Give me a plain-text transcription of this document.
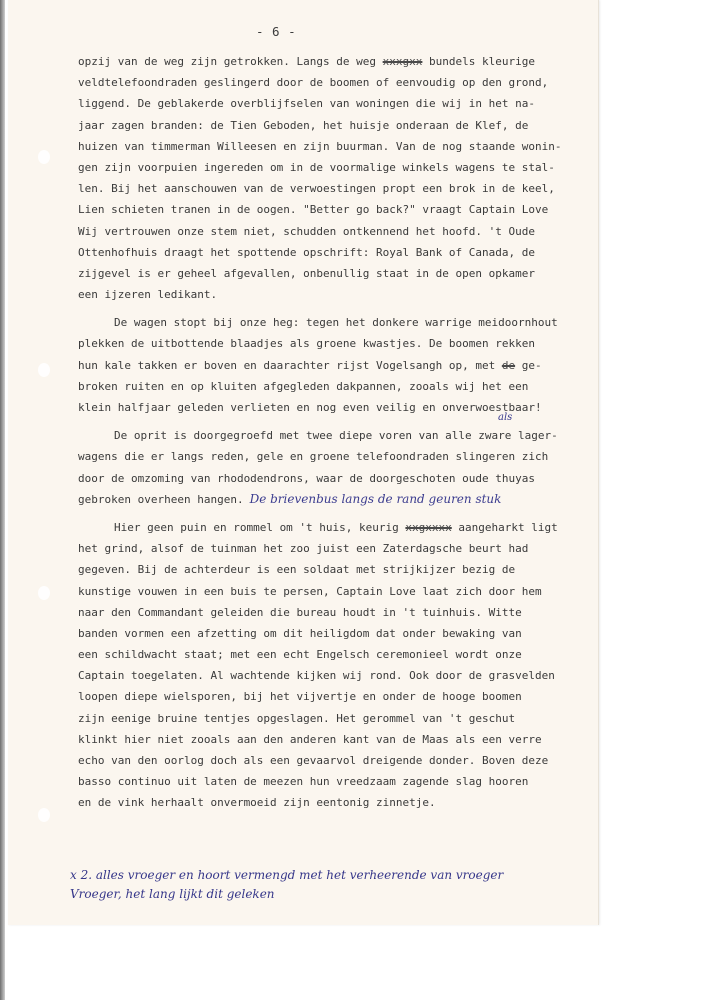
- 6 -
opzij van de weg zijn getrokken. Langs de weg xxxgxx bundels kleurige
veldtelefoondraden geslingerd door de boomen of eenvoudig op den grond,
liggend. De geblakerde overblijfselen van woningen die wij in het na-
jaar zagen branden: de Tien Geboden, het huisje onderaan de Klef, de
huizen van timmerman Willeesen en zijn buurman. Van de nog staande wonin-
gen zijn voorpuien ingereden om in de voormalige winkels wagens te stal-
len. Bij het aanschouwen van de verwoestingen propt een brok in de keel,
Lien schieten tranen in de oogen. "Better go back?" vraagt Captain Love
Wij vertrouwen onze stem niet, schudden ontkennend het hoofd. 't Oude
Ottenhofhuis draagt het spottende opschrift: Royal Bank of Canada, de
zijgevel is er geheel afgevallen, onbenullig staat in de open opkamer
een ijzeren ledikant.
De wagen stopt bij onze heg: tegen het donkere warrige meidoornhout
plekken de uitbottende blaadjes als groene kwastjes. De boomen rekken
hun kale takken er boven en daarachter rijst Vogelsangh op, met de ge-
broken ruiten en op kluiten afgegleden dakpannen, zooals wij het een
klein halfjaar geleden verlieten en nog even veilig en onverwoestbaar!
De oprit is doorgegroefd met twee diepe voren van alle zware lager-
wagens die er langs reden, gele en groene telefoondraden slingeren zich
door de omzoming van rhododendrons, waar de doorgeschoten oude thuyas
gebroken overheen hangen. De brievenbus langs de rand geuren stuk
Hier geen puin en rommel om 't huis, keurig xxgxxxx aangeharkt ligt
het grind, alsof de tuinman het zoo juist een Zaterdagsche beurt had
gegeven. Bij de achterdeur is een soldaat met strijkijzer bezig de
kunstige vouwen in een buis te persen, Captain Love laat zich door hem
naar den Commandant geleiden die bureau houdt in 't tuinhuis. Witte
banden vormen een afzetting om dit heiligdom dat onder bewaking van
een schildwacht staat; met een echt Engelsch ceremonieel wordt onze
Captain toegelaten. Al wachtende kijken wij rond. Ook door de grasvelden
loopen diepe wielsporen, bij het vijvertje en onder de hooge boomen
zijn eenige bruine tentjes opgeslagen. Het gerommel van 't geschut
klinkt hier niet zooals aan den anderen kant van de Maas als een verre
echo van den oorlog doch als een gevaarvol dreigende donder. Boven deze
basso continuo uit laten de meezen hun vreedzaam zagende slag hooren
en de vink herhaalt onvermoeid zijn eentonig zinnetje.
als
x 2. alles vroeger en hoort vermengd met het verheerende van vroeger
Vroeger, het lang lijkt dit geleken
